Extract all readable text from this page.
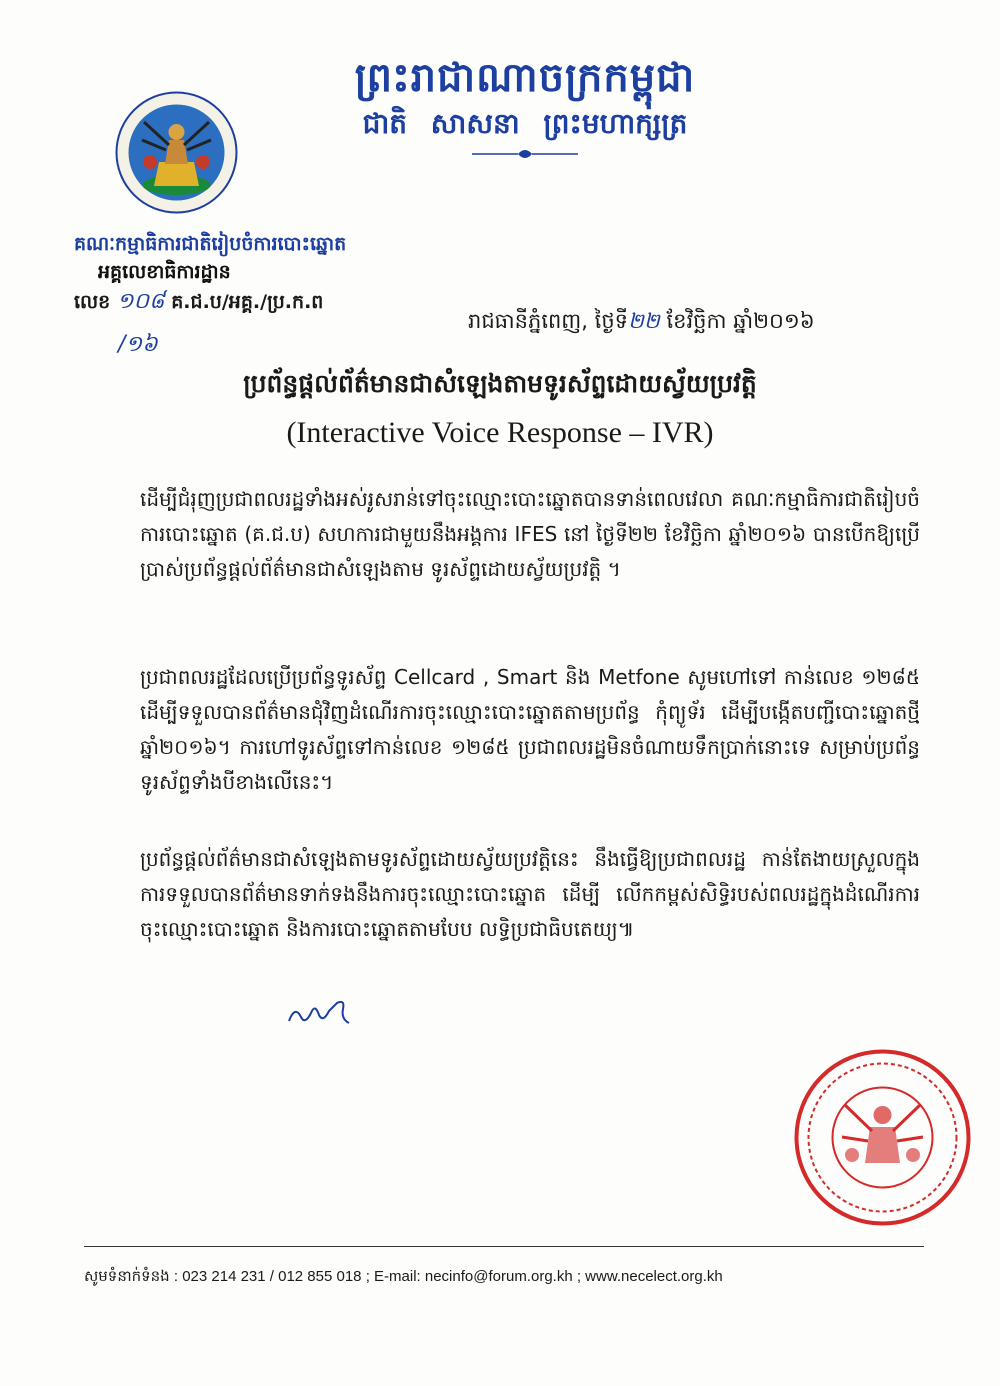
ព្រះរាជាណាចក្រកម្ពុជា
ជាតិ សាសនា ព្រះមហាក្សត្រ
គណៈកម្មាធិការជាតិរៀបចំការបោះឆ្នោត
អគ្គលេខាធិការដ្ឋាន
លេខ ១០៨ គ.ជ.ប/អគ្គ./ប្រ.ក.ព
/១៦
រាជធានីភ្នំពេញ, ថ្ងៃទី២២ ខែវិច្ឆិកា ឆ្នាំ២០១៦
ប្រព័ន្ធផ្តល់ព័ត៌មានជាសំឡេងតាមទូរស័ព្ទដោយស្វ័យប្រវត្តិ
(Interactive Voice Response – IVR)

ដើម្បីជំរុញប្រជាពលរដ្ឋទាំងអស់រូសរាន់ទៅចុះឈ្មោះបោះឆ្នោតបានទាន់ពេលវេលា គណៈកម្មាធិការជាតិរៀបចំការបោះឆ្នោត (គ.ជ.ប) សហការជាមួយនឹងអង្គការ IFES នៅ ថ្ងៃទី២២ ខែវិច្ឆិកា ឆ្នាំ២០១៦ បានបើកឱ្យប្រើប្រាស់ប្រព័ន្ធផ្តល់ព័ត៌មានជាសំឡេងតាម ទូរស័ព្ទដោយស្វ័យប្រវត្តិ ។

ប្រជាពលរដ្ឋដែលប្រើប្រព័ន្ធទូរស័ព្ទ Cellcard , Smart និង Metfone សូមហៅទៅ កាន់លេខ ១២៨៥ ដើម្បីទទួលបានព័ត៌មានជុំវិញដំណើរការចុះឈ្មោះបោះឆ្នោតតាមប្រព័ន្ធ កុំព្យូទ័រ ដើម្បីបង្កើតបញ្ជីបោះឆ្នោតថ្មី ឆ្នាំ២០១៦។ ការហៅទូរស័ព្ទទៅកាន់លេខ ១២៨៥ ប្រជាពលរដ្ឋមិនចំណាយទឹកប្រាក់នោះទេ សម្រាប់ប្រព័ន្ធទូរស័ព្ទទាំងបីខាងលើនេះ។

ប្រព័ន្ធផ្តល់ព័ត៌មានជាសំឡេងតាមទូរស័ព្ទដោយស្វ័យប្រវត្តិនេះ នឹងធ្វើឱ្យប្រជាពលរដ្ឋ កាន់តែងាយស្រួលក្នុងការទទួលបានព័ត៌មានទាក់ទងនឹងការចុះឈ្មោះបោះឆ្នោត ដើម្បី លើកកម្ពស់សិទ្ធិរបស់ពលរដ្ឋក្នុងដំណើរការចុះឈ្មោះបោះឆ្នោត និងការបោះឆ្នោតតាមបែប លទ្ធិប្រជាធិបតេយ្យ៕

សូមទំនាក់ទំនង : 023 214 231 / 012 855 018 ; E-mail: necinfo@forum.org.kh ; www.necelect.org.kh
